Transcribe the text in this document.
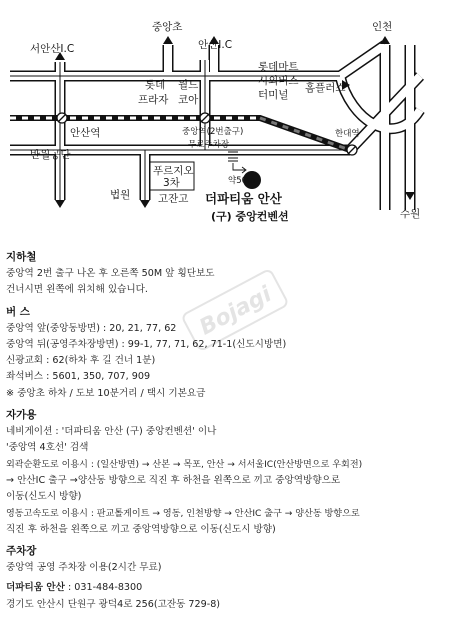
서안산I.C
중앙초
안산I.C
인천
롯데
프라자
월드
코아
롯데마트
시외버스
터미널
홈플러스
안산역	중앙역(2번출구)
무료주차장
한대역
반월공단
푸르지오
3차
법원	고잔고
약50m
더파티움 안산
(구) 중앙컨벤션	수원
Bojagi
지하철
중앙역 2번 출구 나온 후 오른쪽 50M 앞 횡단보도
건너시면 왼쪽에 위치해 있습니다.
버 스
중앙역 앞(중앙동방면) : 20, 21, 77, 62
중앙역 뒤(공영주차장방면) : 99-1, 77, 71, 62, 71-1(신도시방면)
신광교회 : 62(하차 후 길 건너 1분)
좌석버스 : 5601, 350, 707, 909
※ 중앙초 하차 / 도보 10분거리 / 택시 기본요금
자가용
네비게이션 : '더파티움 안산 (구) 중앙컨벤션' 이나
'중앙역 4호선' 검색
외곽순환도로 이용시 : (일산방면) → 산본 → 목포, 안산 → 서서울IC(안산방면으로 우회전)
→ 안산IC 출구 →양산동 방향으로 직진 후 하천을 왼쪽으로 끼고 중앙역방향으로
이동(신도시 방향)
영동고속도로 이용시 : 판교톨게이트 → 영동, 인천방향 → 안산IC 출구 → 양산동 방향으로
직진 후 하천을 왼쪽으로 끼고 중앙역방향으로 이동(신도시 방향)
주차장
중앙역 공영 주차장 이용(2시간 무료)
더파티움 안산 : 031-484-8300
경기도 안산시 단원구 광덕4로 256(고잔동 729-8)
